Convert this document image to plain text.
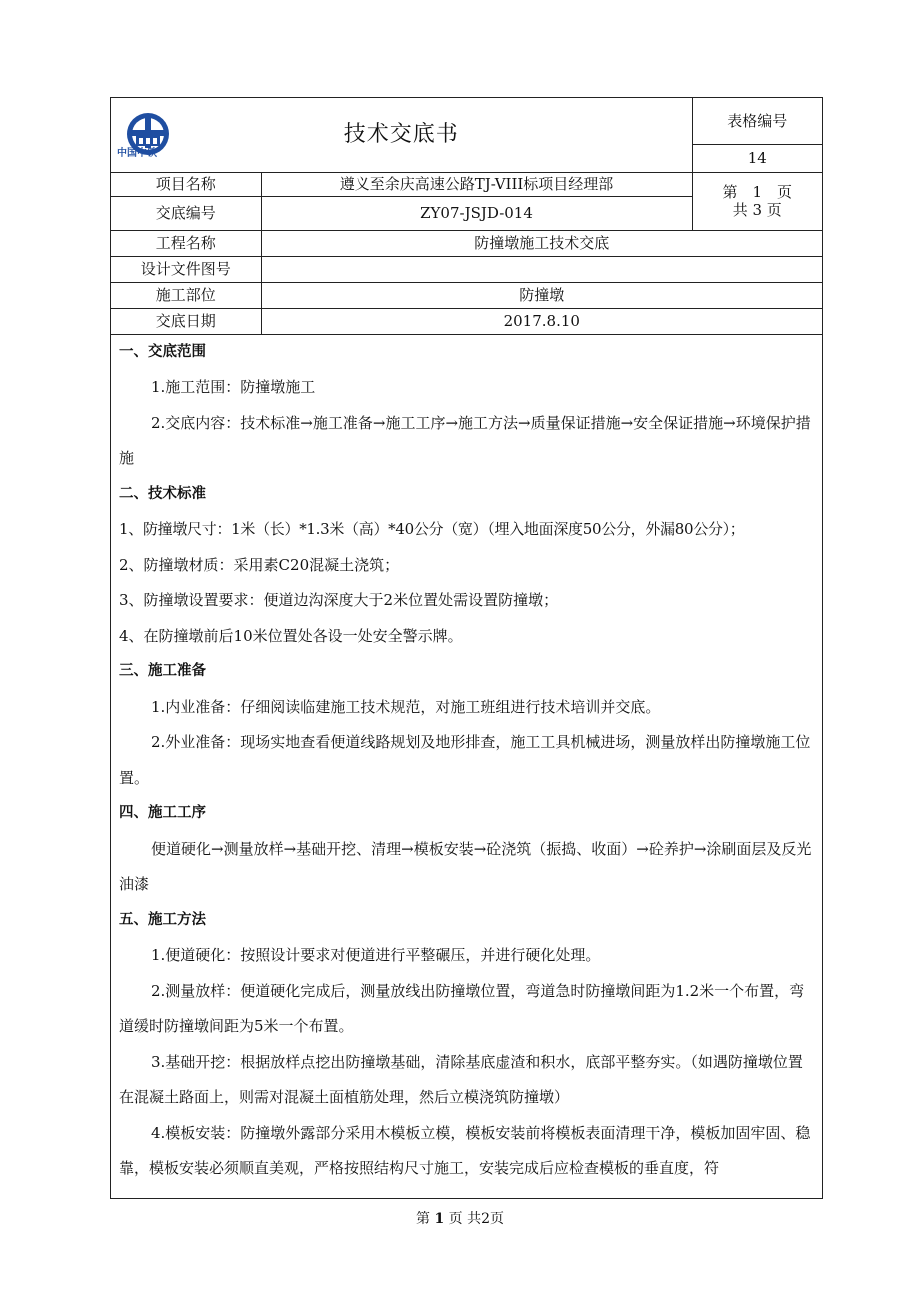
中国中铁
技术交底书		表格编号
		14
项目名称	遵义至余庆高速公路TJ-VIII标项目经理部	第　1　页
共 3 页

交底编号	ZY07-JSJD-014	
工程名称	防撞墩施工技术交底	
设计文件图号		
施工部位	防撞墩	
交底日期	2017.8.10	

一、交底范围

1.施工范围：防撞墩施工

2.交底内容：技术标准→施工准备→施工工序→施工方法→质量保证措施→安全保证措施→环境保护措施

二、技术标准

1、防撞墩尺寸：1米（长）*1.3米（高）*40公分（宽）（埋入地面深度50公分，外漏80公分）；

2、防撞墩材质：采用素C20混凝土浇筑；

3、防撞墩设置要求：便道边沟深度大于2米位置处需设置防撞墩；

4、在防撞墩前后10米位置处各设一处安全警示牌。

三、施工准备

1.内业准备：仔细阅读临建施工技术规范，对施工班组进行技术培训并交底。

2.外业准备：现场实地查看便道线路规划及地形排查，施工工具机械进场，测量放样出防撞墩施工位置。

四、施工工序

便道硬化→测量放样→基础开挖、清理→模板安装→砼浇筑（振捣、收面）→砼养护→涂刷面层及反光油漆

五、施工方法

1.便道硬化：按照设计要求对便道进行平整碾压，并进行硬化处理。

2.测量放样：便道硬化完成后，测量放线出防撞墩位置，弯道急时防撞墩间距为1.2米一个布置，弯道缓时防撞墩间距为5米一个布置。

3.基础开挖：根据放样点挖出防撞墩基础，清除基底虚渣和积水，底部平整夯实。（如遇防撞墩位置在混凝土路面上，则需对混凝土面植筋处理，然后立模浇筑防撞墩）

4.模板安装：防撞墩外露部分采用木模板立模，模板安装前将模板表面清理干净，模板加固牢固、稳靠，模板安装必须顺直美观，严格按照结构尺寸施工，安装完成后应检查模板的垂直度，符

第 1 页 共2页
